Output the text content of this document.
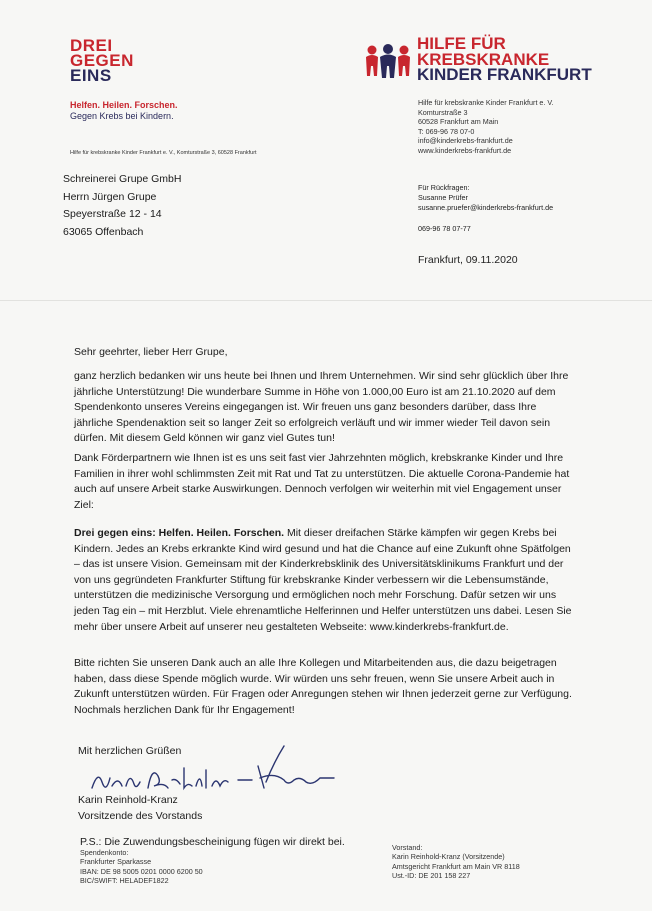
DREI
GEGEN
EINS
Helfen. Heilen. Forschen.
Gegen Krebs bei Kindern.
Hilfe für krebskranke Kinder Frankfurt e. V., Komturstraße 3, 60528 Frankfurt
HILFE FÜR
KREBSKRANKE
KINDER FRANKFURT
Hilfe für krebskranke Kinder Frankfurt e. V.
Komturstraße 3
60528 Frankfurt am Main
T: 069-96 78 07-0
info@kinderkrebs-frankfurt.de
www.kinderkrebs-frankfurt.de
Schreinerei Grupe GmbH
Herrn Jürgen Grupe
Speyerstraße 12 - 14
63065 Offenbach
Für Rückfragen:
Susanne Prüfer
susanne.pruefer@kinderkrebs-frankfurt.de
069-96 78 07-77
Frankfurt, 09.11.2020
Sehr geehrter, lieber Herr Grupe,
ganz herzlich bedanken wir uns heute bei Ihnen und Ihrem Unternehmen. Wir sind sehr glücklich über Ihre jährliche Unterstützung! Die wunderbare Summe in Höhe von 1.000,00 Euro ist am 21.10.2020 auf dem Spendenkonto unseres Vereins eingegangen ist. Wir freuen uns ganz besonders darüber, dass Ihre jährliche Spendenaktion seit so langer Zeit so erfolgreich verläuft und wir immer wieder Teil davon sein dürfen. Mit diesem Geld können wir ganz viel Gutes tun!
Dank Förderpartnern wie Ihnen ist es uns seit fast vier Jahrzehnten möglich, krebskranke Kinder und Ihre Familien in ihrer wohl schlimmsten Zeit mit Rat und Tat zu unterstützen. Die aktuelle Corona-Pandemie hat auch auf unsere Arbeit starke Auswirkungen. Dennoch verfolgen wir weiterhin mit viel Engagement unser Ziel:
Drei gegen eins: Helfen. Heilen. Forschen. Mit dieser dreifachen Stärke kämpfen wir gegen Krebs bei Kindern. Jedes an Krebs erkrankte Kind wird gesund und hat die Chance auf eine Zukunft ohne Spätfolgen – das ist unsere Vision. Gemeinsam mit der Kinderkrebsklinik des Universitätsklinikums Frankfurt und der von uns gegründeten Frankfurter Stiftung für krebskranke Kinder verbessern wir die Lebensumstände, unterstützen die medizinische Versorgung und ermöglichen noch mehr Forschung. Dafür setzen wir uns jeden Tag ein – mit Herzblut. Viele ehrenamtliche Helferinnen und Helfer unterstützen uns dabei. Lesen Sie mehr über unsere Arbeit auf unserer neu gestalteten Webseite: www.kinderkrebs-frankfurt.de.
Bitte richten Sie unseren Dank auch an alle Ihre Kollegen und Mitarbeitenden aus, die dazu beigetragen haben, dass diese Spende möglich wurde. Wir würden uns sehr freuen, wenn Sie unsere Arbeit auch in Zukunft unterstützen würden. Für Fragen oder Anregungen stehen wir Ihnen jederzeit gerne zur Verfügung. Nochmals herzlichen Dank für Ihr Engagement!
Mit herzlichen Grüßen
Karin Reinhold-Kranz
Vorsitzende des Vorstands
P.S.: Die Zuwendungsbescheinigung fügen wir direkt bei.
Spendenkonto:
Frankfurter Sparkasse
IBAN: DE 98 5005 0201 0000 6200 50
BIC/SWIFT: HELADEF1822
Vorstand:
Karin Reinhold-Kranz (Vorsitzende)
Amtsgericht Frankfurt am Main VR 8118
Ust.-ID: DE 201 158 227
